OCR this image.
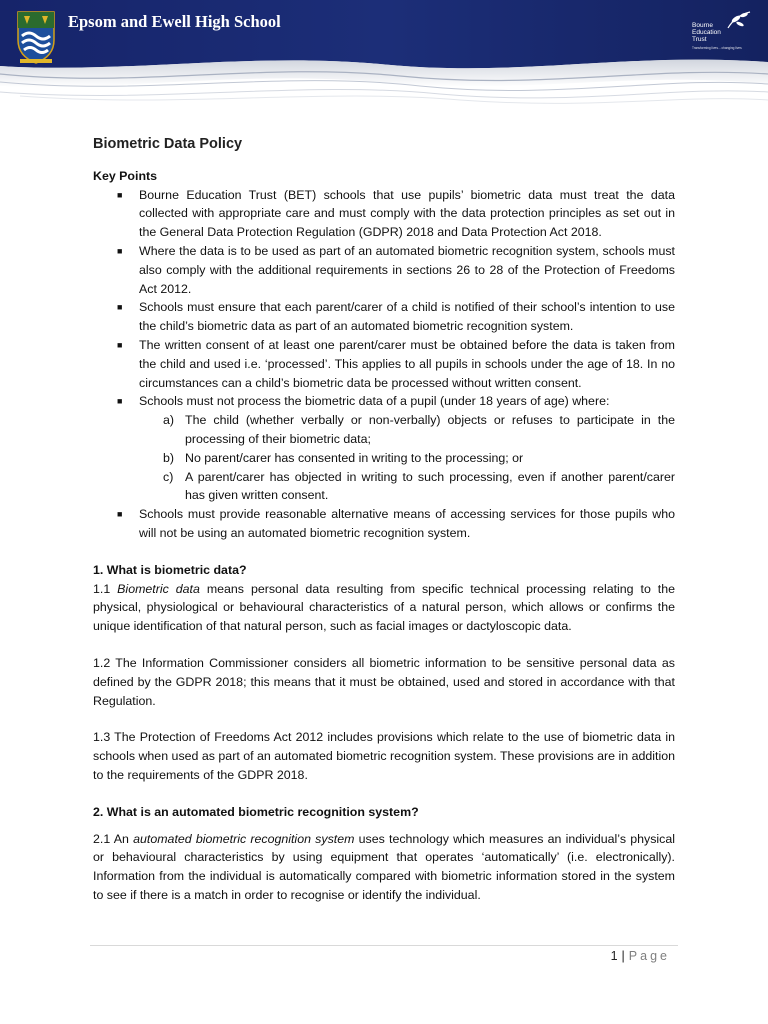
Epsom and Ewell High School	Bourne
Education
Trust
Transforming lives... changing lives
Biometric Data Policy
Key Points
■ Bourne Education Trust (BET) schools that use pupils’ biometric data must treat the data collected with appropriate care and must comply with the data protection principles as set out in the General Data Protection Regulation (GDPR) 2018 and Data Protection Act 2018.
■ Where the data is to be used as part of an automated biometric recognition system, schools must also comply with the additional requirements in sections 26 to 28 of the Protection of Freedoms Act 2012.
■ Schools must ensure that each parent/carer of a child is notified of their school’s intention to use the child’s biometric data as part of an automated biometric recognition system.
■ The written consent of at least one parent/carer must be obtained before the data is taken from the child and used i.e. ‘processed’. This applies to all pupils in schools under the age of 18. In no circumstances can a child’s biometric data be processed without written consent.
■ Schools must not process the biometric data of a pupil (under 18 years of age) where:
a) The child (whether verbally or non-verbally) objects or refuses to participate in the processing of their biometric data;
b) No parent/carer has consented in writing to the processing; or
c) A parent/carer has objected in writing to such processing, even if another parent/carer has given written consent.
■ Schools must provide reasonable alternative means of accessing services for those pupils who will not be using an automated biometric recognition system.
1. What is biometric data?

1.1 Biometric data means personal data resulting from specific technical processing relating to the physical, physiological or behavioural characteristics of a natural person, which allows or confirms the unique identification of that natural person, such as facial images or dactyloscopic data.

1.2 The Information Commissioner considers all biometric information to be sensitive personal data as defined by the GDPR 2018; this means that it must be obtained, used and stored in accordance with that Regulation.

1.3 The Protection of Freedoms Act 2012 includes provisions which relate to the use of biometric data in schools when used as part of an automated biometric recognition system. These provisions are in addition to the requirements of the GDPR 2018.

2. What is an automated biometric recognition system?

2.1 An automated biometric recognition system uses technology which measures an individual’s physical or behavioural characteristics by using equipment that operates ‘automatically’ (i.e. electronically). Information from the individual is automatically compared with biometric information stored in the system to see if there is a match in order to recognise or identify the individual.

1 | Page
